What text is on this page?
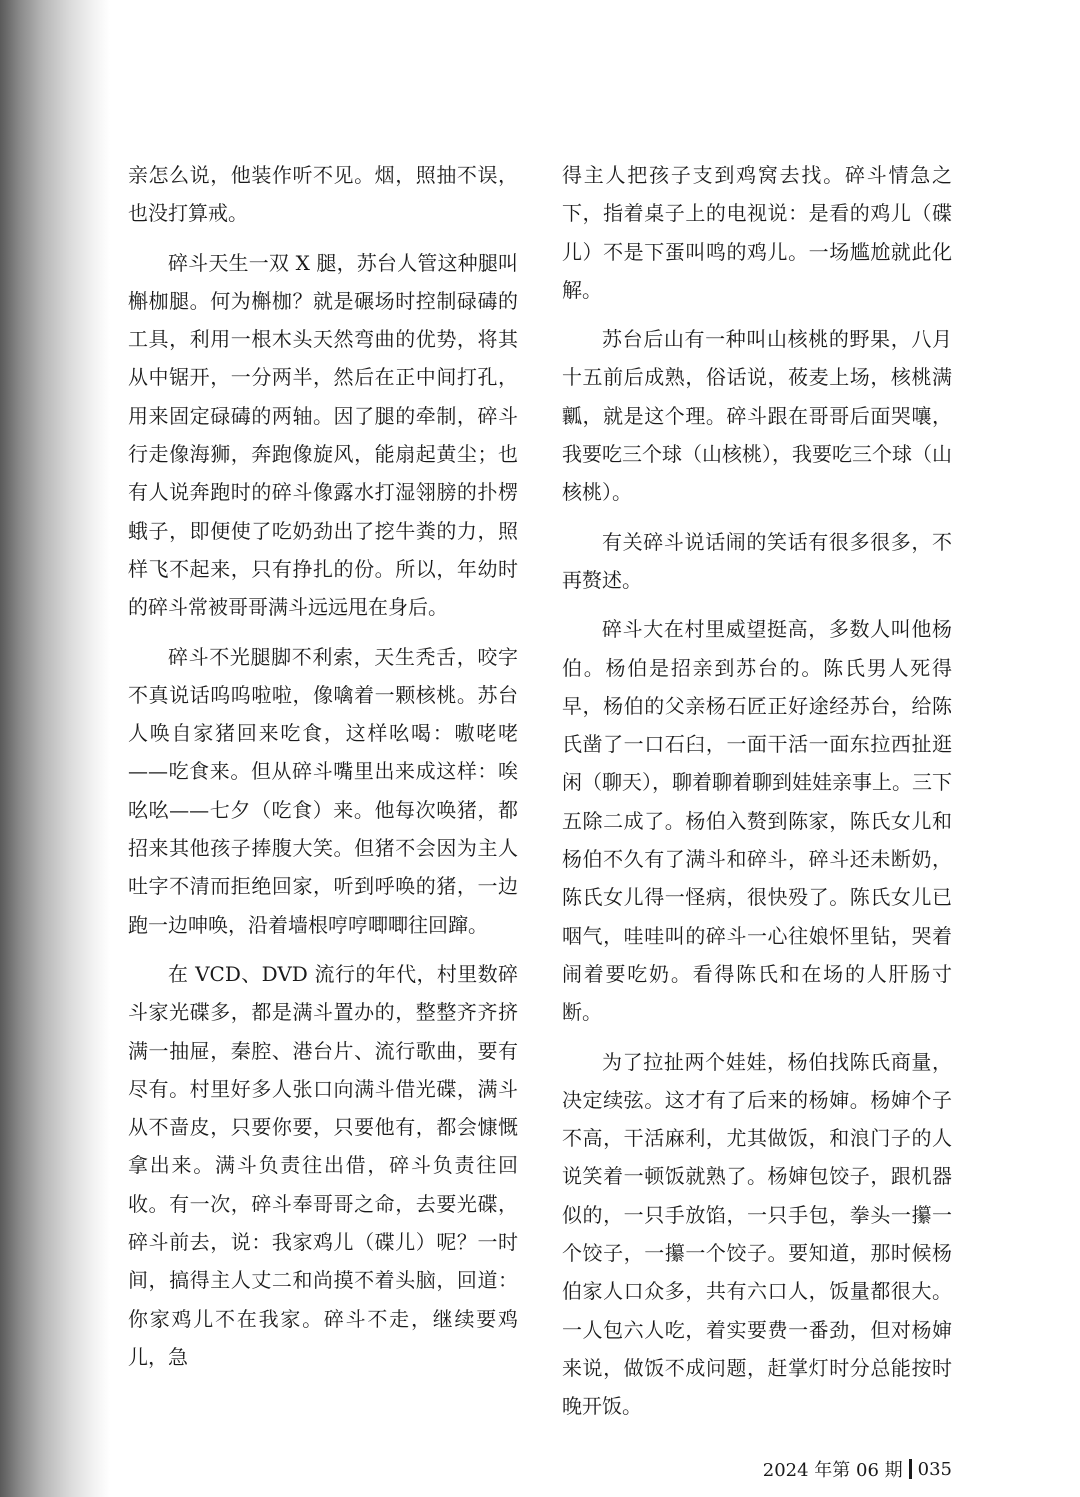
亲怎么说，他装作听不见。烟，照抽不误，也没打算戒。

碎斗天生一双 X 腿，苏台人管这种腿叫槲枷腿。何为槲枷？就是碾场时控制碌碡的工具，利用一根木头天然弯曲的优势，将其从中锯开，一分两半，然后在正中间打孔，用来固定碌碡的两轴。因了腿的牵制，碎斗行走像海狮，奔跑像旋风，能扇起黄尘；也有人说奔跑时的碎斗像露水打湿翎膀的扑楞蛾子，即便使了吃奶劲出了挖牛粪的力，照样飞不起来，只有挣扎的份。所以，年幼时的碎斗常被哥哥满斗远远甩在身后。

碎斗不光腿脚不利索，天生秃舌，咬字不真说话呜呜啦啦，像噙着一颗核桃。苏台人唤自家猪回来吃食，这样吆喝：嗷咾咾——吃食来。但从碎斗嘴里出来成这样：唉吆吆——七夕（吃食）来。他每次唤猪，都招来其他孩子捧腹大笑。但猪不会因为主人吐字不清而拒绝回家，听到呼唤的猪，一边跑一边呻唤，沿着墙根哼哼唧唧往回蹿。

在 VCD、DVD 流行的年代，村里数碎斗家光碟多，都是满斗置办的，整整齐齐挤满一抽屉，秦腔、港台片、流行歌曲，要有尽有。村里好多人张口向满斗借光碟，满斗从不啬皮，只要你要，只要他有，都会慷慨拿出来。满斗负责往出借，碎斗负责往回收。有一次，碎斗奉哥哥之命，去要光碟，碎斗前去，说：我家鸡儿（碟儿）呢？一时间，搞得主人丈二和尚摸不着头脑，回道：你家鸡儿不在我家。碎斗不走，继续要鸡儿，急

得主人把孩子支到鸡窝去找。碎斗情急之下，指着桌子上的电视说：是看的鸡儿（碟儿）不是下蛋叫鸣的鸡儿。一场尴尬就此化解。

苏台后山有一种叫山核桃的野果，八月十五前后成熟，俗话说，莜麦上场，核桃满瓤，就是这个理。碎斗跟在哥哥后面哭嚷，我要吃三个球（山核桃），我要吃三个球（山核桃）。

有关碎斗说话闹的笑话有很多很多，不再赘述。

碎斗大在村里威望挺高，多数人叫他杨伯。杨伯是招亲到苏台的。陈氏男人死得早，杨伯的父亲杨石匠正好途经苏台，给陈氏凿了一口石臼，一面干活一面东拉西扯逛闲（聊天），聊着聊着聊到娃娃亲事上。三下五除二成了。杨伯入赘到陈家，陈氏女儿和杨伯不久有了满斗和碎斗，碎斗还未断奶，陈氏女儿得一怪病，很快殁了。陈氏女儿已咽气，哇哇叫的碎斗一心往娘怀里钻，哭着闹着要吃奶。看得陈氏和在场的人肝肠寸断。

为了拉扯两个娃娃，杨伯找陈氏商量，决定续弦。这才有了后来的杨婶。杨婶个子不高，干活麻利，尤其做饭，和浪门子的人说笑着一顿饭就熟了。杨婶包饺子，跟机器似的，一只手放馅，一只手包，拳头一攥一个饺子，一攥一个饺子。要知道，那时候杨伯家人口众多，共有六口人，饭量都很大。一人包六人吃，着实要费一番劲，但对杨婶来说，做饭不成问题，赶掌灯时分总能按时晚开饭。

2024 年第 06 期 035
